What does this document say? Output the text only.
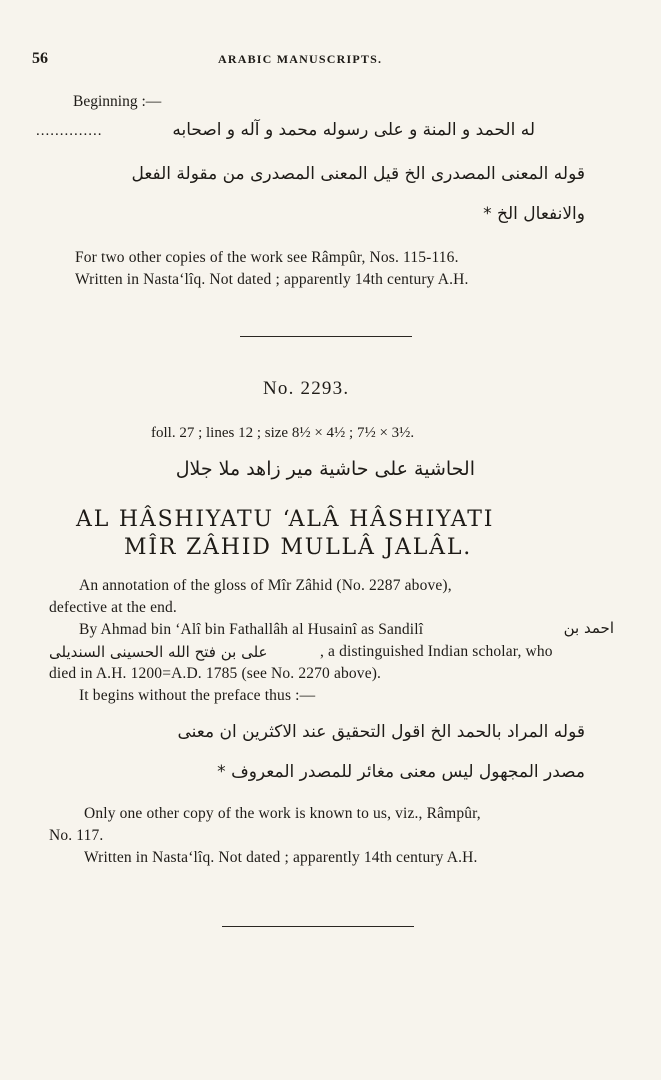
56	ARABIC MANUSCRIPTS.
Beginning :—
..............	له الحمد و المنة و على رسوله محمد و آله و اصحابه
قوله المعنى المصدرى الخ قيل المعنى المصدرى من مقولة الفعل
والانفعال الخ *
For two other copies of the work see Râmpûr, Nos. 115-116.
Written in Nasta‘lîq. Not dated ; apparently 14th century A.H.
No. 2293.
foll. 27 ; lines 12 ; size 8½ × 4½ ; 7½ × 3½.
الحاشية على حاشية مير زاهد ملا جلال
AL HÂSHIYATU ‘ALÂ HÂSHIYATI
MÎR ZÂHID MULLÂ JALÂL.
An annotation of the gloss of Mîr Zâhid (No. 2287 above),
defective at the end.
By Ahmad bin ‘Alî bin Fathallâh al Husainî as Sandilî	احمد بن
علی بن فتح الله الحسینی السندیلی	, a distinguished Indian scholar, who
died in A.H. 1200=A.D. 1785 (see No. 2270 above).
It begins without the preface thus :—
قوله المراد بالحمد الخ اقول التحقيق عند الاكثرين ان معنى
مصدر المجهول ليس معنى مغائر للمصدر المعروف *
Only one other copy of the work is known to us, viz., Râmpûr,
No. 117.
Written in Nasta‘lîq. Not dated ; apparently 14th century A.H.
